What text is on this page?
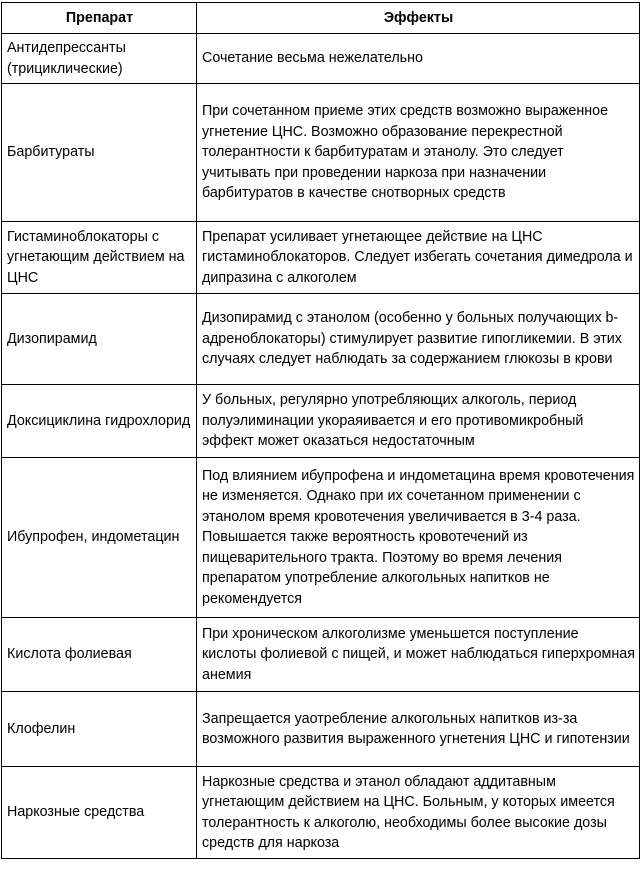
Препарат	Эффекты
Антидепрессанты (трициклические)	Сочетание весьма нежелательно
Барбитураты	При сочетанном приеме этих средств возможно выраженное угнетение ЦНС. Возможно образование перекрестной толерантности к барбитуратам и этанолу. Это следует учитывать при проведении наркоза при назначении барбитуратов в качестве снотворных средств
Гистаминоблокаторы с угнетающим действием на ЦНС	Препарат усиливает угнетающее действие на ЦНС гистаминоблокаторов. Следует избегать сочетания димедрола и дипразина с алкоголем
Дизопирамид	Дизопирамид с этанолом (особенно у больных получающих b-адреноблокаторы) стимулирует развитие гипогликемии. В этих случаях следует наблюдать за содержанием глюкозы в крови
Доксициклина гидрохлорид	У больных, регулярно употребляющих алкоголь, период полуэлиминации укораяивается и его противомикробный эффект может оказаться недостаточным
Ибупрофен, индометацин	Под влиянием ибупрофена и индометацина время кровотечения не изменяется. Однако при их сочетанном применении с этанолом время кровотечения увеличивается в 3-4 раза. Повышается также вероятность кровотечений из пищеварительного тракта. Поэтому во время лечения препаратом употребление алкогольных напитков не рекомендуется
Кислота фолиевая	При хроническом алкоголизме уменьшется поступление кислоты фолиевой с пищей, и может наблюдаться гиперхромная анемия
Клофелин	Запрещается уаотребление алкогольных напитков из-за возможного развития выраженного угнетения ЦНС и гипотензии
Наркозные средства	Наркозные средства и этанол обладают аддитавным угнетающим действием на ЦНС. Больным, у которых имеется толерантность к алкоголю, необходимы более высокие дозы средств для наркоза
